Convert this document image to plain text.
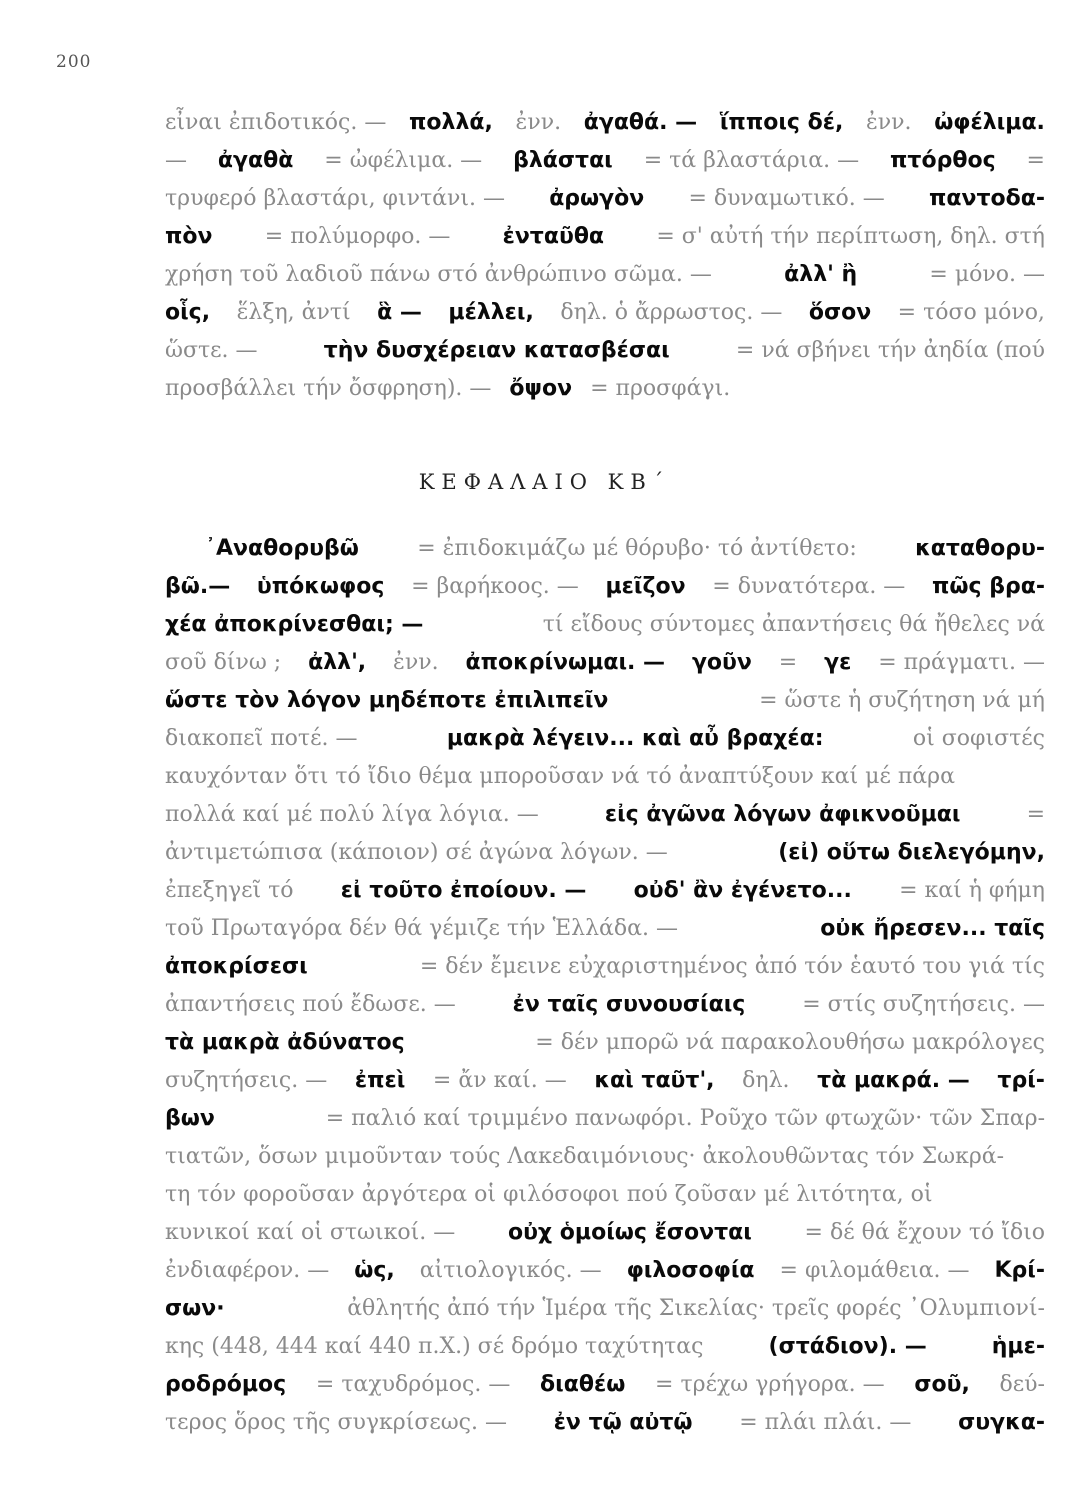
200
εἶναι ἐπιδοτικός. — πολλά, ἐνν. ἀγαθά. — ἵπποις δέ, ἐνν. ὠφέλιμα.
— ἀγαθὰ = ὠφέλιμα. — βλάσται = τά βλαστάρια. — πτόρθος =
τρυφερό βλαστάρι, φιντάνι. — ἀρωγὸν = δυναμωτικό. — παντοδα-
πὸν = πολύμορφο. — ἐνταῦθα = σ' αὐτή τήν περίπτωση, δηλ. στή
χρήση τοῦ λαδιοῦ πάνω στό ἀνθρώπινο σῶμα. —	ἀλλ' ἢ	= μόνο. —
οἷς, ἕλξη, ἀντί ἃ — μέλλει, δηλ. ὁ ἄρρωστος. — ὅσον = τόσο μόνο,
ὥστε. —	τὴν δυσχέρειαν κατασβέσαι	= νά σβήνει τήν ἀηδία (πού
προσβάλλει τήν ὄσφρηση). — ὄψον = προσφάγι.
ΚΕΦΑΛΑΙΟ ΚΒ΄
᾿Αναθορυβῶ	= ἐπιδοκιμάζω μέ θόρυβο· τό ἀντίθετο:	καταθορυ-
βῶ.— ὑπόκωφος = βαρήκοος. — μεῖζον = δυνατότερα. — πῶς βρα-
χέα ἀποκρίνεσθαι; —	τί εἴδους σύντομες ἀπαντήσεις θά ἤθελες νά
σοῦ δίνω ; ἀλλ', ἐνν. ἀποκρίνωμαι. — γοῦν = γε = πράγματι. —
ὥστε τὸν λόγον μηδέποτε ἐπιλιπεῖν	= ὥστε ἡ συζήτηση νά μή
διακοπεῖ ποτέ. —	μακρὰ λέγειν... καὶ αὖ βραχέα:	οἱ σοφιστές
καυχόνταν ὅτι τό ἴδιο θέμα μποροῦσαν νά τό ἀναπτύξουν καί μέ πάρα
πολλά καί μέ πολύ λίγα λόγια. —	εἰς ἀγῶνα λόγων ἀφικνοῦμαι	=
ἀντιμετώπισα (κάποιον) σέ ἀγώνα λόγων. —	(εἰ) οὕτω διελεγόμην,
ἐπεξηγεῖ τό εἰ τοῦτο ἐποίουν. — οὐδ' ἂν ἐγένετο... = καί ἡ φήμη
τοῦ Πρωταγόρα δέν θά γέμιζε τήν Ἑλλάδα. —	οὐκ ἤρεσεν... ταῖς
ἀποκρίσεσι	= δέν ἔμεινε εὐχαριστημένος ἀπό τόν ἑαυτό του γιά τίς
ἀπαντήσεις πού ἔδωσε. —	ἐν ταῖς συνουσίαις	= στίς συζητήσεις. —
τὰ μακρὰ ἀδύνατος	= δέν μπορῶ νά παρακολουθήσω μακρόλογες
συζητήσεις. — ἐπεὶ = ἄν καί. — καὶ ταῦτ', δηλ. τὰ μακρά. — τρί-
βων	= παλιό καί τριμμένο πανωφόρι. Ροῦχο τῶν φτωχῶν· τῶν Σπαρ-
τιατῶν, ὅσων μιμοῦνταν τούς Λακεδαιμόνιους· ἀκολουθῶντας τόν Σωκρά-
τη τόν φοροῦσαν ἀργότερα οἱ φιλόσοφοι πού ζοῦσαν μέ λιτότητα, οἱ
κυνικοί καί οἱ στωικοί. — οὐχ ὁμοίως ἔσονται = δέ θά ἔχουν τό ἴδιο
ἐνδιαφέρον. — ὡς, αἰτιολογικός. — φιλοσοφία = φιλομάθεια. — Κρί-
σων·	ἀθλητής ἀπό τήν Ἱμέρα τῆς Σικελίας· τρεῖς φορές ᾿Ολυμπιονί-
κης (448, 444 καί 440 π.Χ.) σέ δρόμο ταχύτητας	(στάδιον). —	ἡμε-
ροδρόμος = ταχυδρόμος. — διαθέω = τρέχω γρήγορα. — σοῦ, δεύ-
τερος ὅρος τῆς συγκρίσεως. — ἐν τῷ αὐτῷ = πλάι πλάι. — συγκα-
